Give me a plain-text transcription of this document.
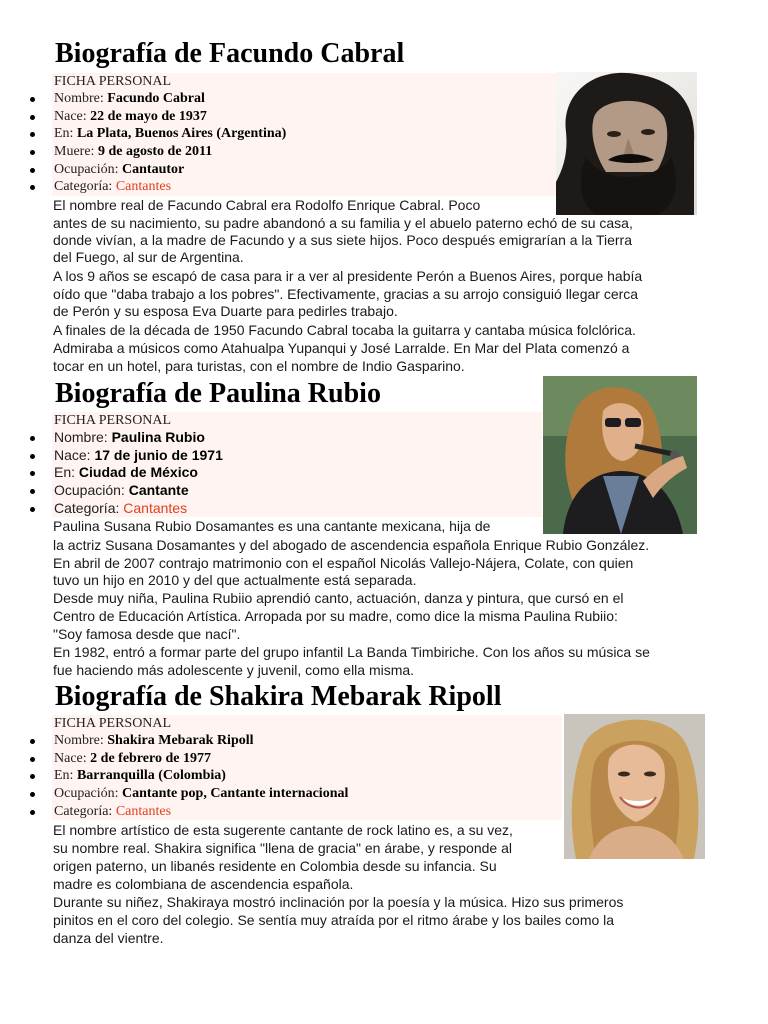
Biografía de Facundo Cabral
FICHA PERSONAL
Nombre: Facundo Cabral
Nace: 22 de mayo de 1937
En: La Plata, Buenos Aires (Argentina)
Muere: 9 de agosto de 2011
Ocupación: Cantautor
Categoría: Cantantes

El nombre real de Facundo Cabral era Rodolfo Enrique Cabral. Poco

antes de su nacimiento, su padre abandonó a su familia y el abuelo paterno echó de su casa,

donde vivían, a la madre de Facundo y a sus siete hijos. Poco después emigrarían a la Tierra

del Fuego, al sur de Argentina.

A los 9 años se escapó de casa para ir a ver al presidente Perón a Buenos Aires, porque había

oído que "daba trabajo a los pobres". Efectivamente, gracias a su arrojo consiguió llegar cerca

de Perón y su esposa Eva Duarte para pedirles trabajo.

A finales de la década de 1950 Facundo Cabral tocaba la guitarra y cantaba música folclórica.

Admiraba a músicos como Atahualpa Yupanqui y José Larralde. En Mar del Plata comenzó a

tocar en un hotel, para turistas, con el nombre de Indio Gasparino.

Biografía de Paulina Rubio
FICHA PERSONAL
Nombre: Paulina Rubio
Nace: 17 de junio de 1971
En: Ciudad de México
Ocupación: Cantante
Categoría: Cantantes

Paulina Susana Rubio Dosamantes es una cantante mexicana, hija de

la actriz Susana Dosamantes y del abogado de ascendencia española Enrique Rubio González.

En abril de 2007 contrajo matrimonio con el español Nicolás Vallejo-Nájera, Colate, con quien

tuvo un hijo en 2010 y del que actualmente está separada.

Desde muy niña, Paulina Rubiio aprendió canto, actuación, danza y pintura, que cursó en el

Centro de Educación Artística. Arropada por su madre, como dice la misma Paulina Rubiio:

"Soy famosa desde que nací".

En 1982, entró a formar parte del grupo infantil La Banda Timbiriche. Con los años su música se

fue haciendo más adolescente y juvenil, como ella misma.

Biografía de Shakira Mebarak Ripoll
FICHA PERSONAL
Nombre: Shakira Mebarak Ripoll
Nace: 2 de febrero de 1977
En: Barranquilla (Colombia)
Ocupación: Cantante pop, Cantante internacional
Categoría: Cantantes

El nombre artístico de esta sugerente cantante de rock latino es, a su vez,

su nombre real. Shakira significa "llena de gracia" en árabe, y responde al

origen paterno, un libanés residente en Colombia desde su infancia. Su

madre es colombiana de ascendencia española.

Durante su niñez, Shakiraya mostró inclinación por la poesía y la música. Hizo sus primeros

pinitos en el coro del colegio. Se sentía muy atraída por el ritmo árabe y los bailes como la

danza del vientre.
